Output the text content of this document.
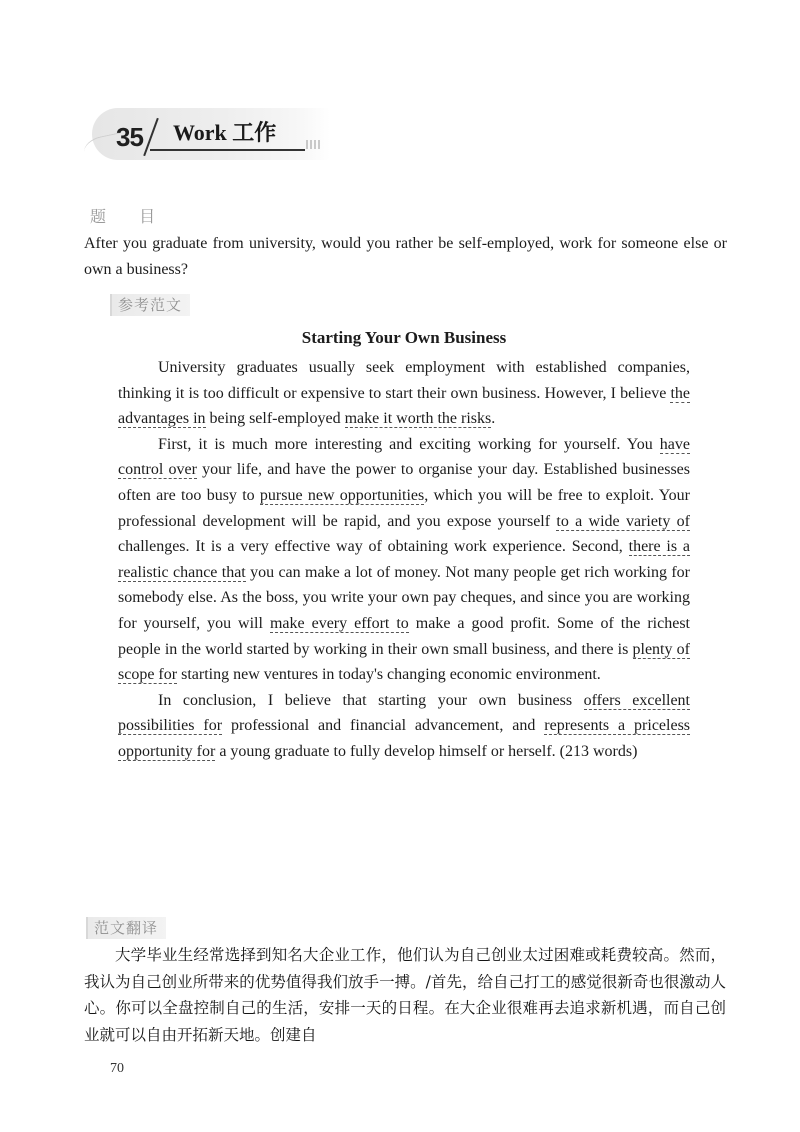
35 Work 工作
题 目

After you graduate from university, would you rather be self-employed, work for someone else or own a business?

参考范文
Starting Your Own Business

University graduates usually seek employment with established companies, thinking it is too difficult or expensive to start their own business. However, I believe the advantages in being self-employed make it worth the risks.

First, it is much more interesting and exciting working for yourself. You have control over your life, and have the power to organise your day. Established businesses often are too busy to pursue new opportunities, which you will be free to exploit. Your professional development will be rapid, and you expose yourself to a wide variety of challenges. It is a very effective way of obtaining work experience. Second, there is a realistic chance that you can make a lot of money. Not many people get rich working for somebody else. As the boss, you write your own pay cheques, and since you are working for yourself, you will make every effort to make a good profit. Some of the richest people in the world started by working in their own small business, and there is plenty of scope for starting new ventures in today's changing economic environment.

In conclusion, I believe that starting your own business offers excellent possibilities for professional and financial advancement, and represents a priceless opportunity for a young graduate to fully develop himself or herself. (213 words)

范文翻译

大学毕业生经常选择到知名大企业工作，他们认为自己创业太过困难或耗费较高。然而，我认为自己创业所带来的优势值得我们放手一搏。/首先，给自己打工的感觉很新奇也很激动人心。你可以全盘控制自己的生活，安排一天的日程。在大企业很难再去追求新机遇，而自己创业就可以自由开拓新天地。创建自

70
